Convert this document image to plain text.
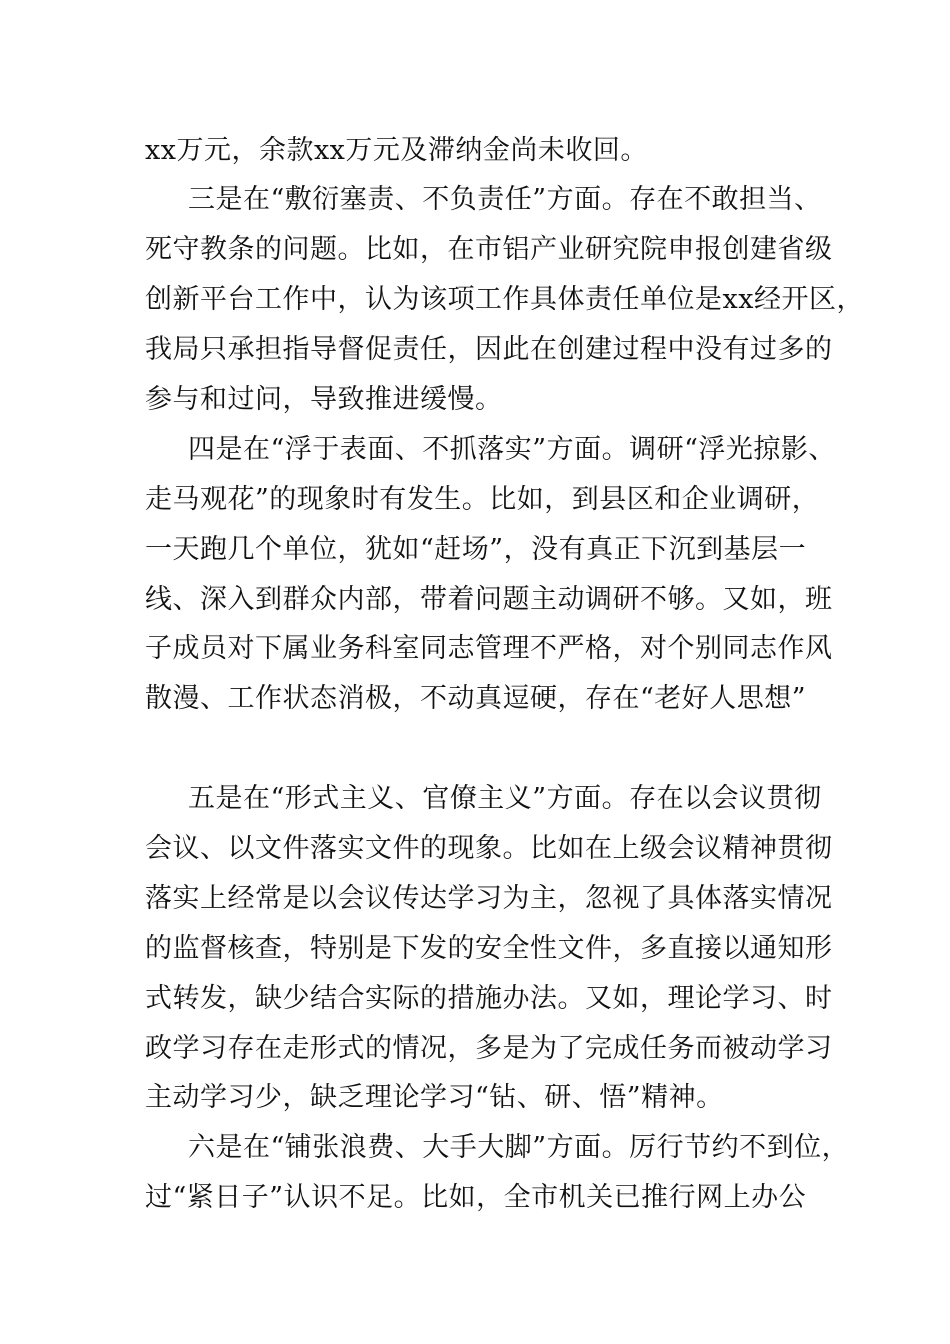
xx万元，余款xx万元及滞纳金尚未收回。
三是在“敷衍塞责、不负责任”方面。存在不敢担当、
死守教条的问题。比如，在市铝产业研究院申报创建省级
创新平台工作中，认为该项工作具体责任单位是xx经开区，
我局只承担指导督促责任，因此在创建过程中没有过多的
参与和过问，导致推进缓慢。
四是在“浮于表面、不抓落实”方面。调研“浮光掠影、
走马观花”的现象时有发生。比如，到县区和企业调研，
一天跑几个单位，犹如“赶场”，没有真正下沉到基层一
线、深入到群众内部，带着问题主动调研不够。又如，班
子成员对下属业务科室同志管理不严格，对个别同志作风
散漫、工作状态消极，不动真逗硬，存在“老好人思想”
五是在“形式主义、官僚主义”方面。存在以会议贯彻
会议、以文件落实文件的现象。比如在上级会议精神贯彻
落实上经常是以会议传达学习为主，忽视了具体落实情况
的监督核查，特别是下发的安全性文件，多直接以通知形
式转发，缺少结合实际的措施办法。又如，理论学习、时
政学习存在走形式的情况，多是为了完成任务而被动学习
主动学习少，缺乏理论学习“钻、研、悟”精神。
六是在“铺张浪费、大手大脚”方面。厉行节约不到位，
过“紧日子”认识不足。比如，全市机关已推行网上办公
